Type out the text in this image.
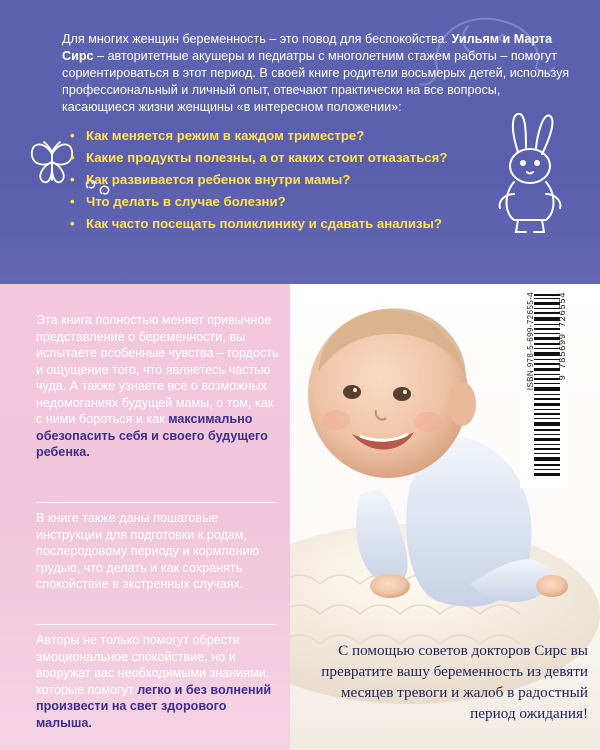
Для многих женщин беременность – это повод для беспокойства. Уильям и Марта Сирс – авторитетные акушеры и педиатры с многолетним стажем работы – помогут сориентироваться в этот период. В своей книге родители восьмерых детей, используя профессиональный и личный опыт, отвечают практически на все вопросы, касающиеся жизни женщины «в интересном положении»:

• Как меняется режим в каждом триместре?
• Какие продукты полезны, а от каких стоит отказаться?
• Как развивается ребенок внутри мамы?
• Что делать в случае болезни?
• Как часто посещать поликлинику и сдавать анализы?

Эта книга полностью меняет привычное представление о беременности, вы испытаете особенные чувства – гордость и ощущение того, что являетесь частью чуда. А также узнаете все о возможных недомоганиях будущей мамы, о том, как с ними бороться и как максимально обезопасить себя и своего будущего ребенка.

В книге также даны пошаговые инструкции для подготовки к родам, послеродовому периоду и кормлению грудью, что делать и как сохранять спокойствие в экстренных случаях.

Авторы не только помогут обрести эмоциональное спокойствие, но и вооружат вас необходимыми знаниями, которые помогут легко и без волнений произвести на свет здорового малыша.

ISBN 978-5-699-72655-4	9 785699 726554

С помощью советов докторов Сирс вы превратите вашу беременность из девяти месяцев тревоги и жалоб в радостный период ожидания!
